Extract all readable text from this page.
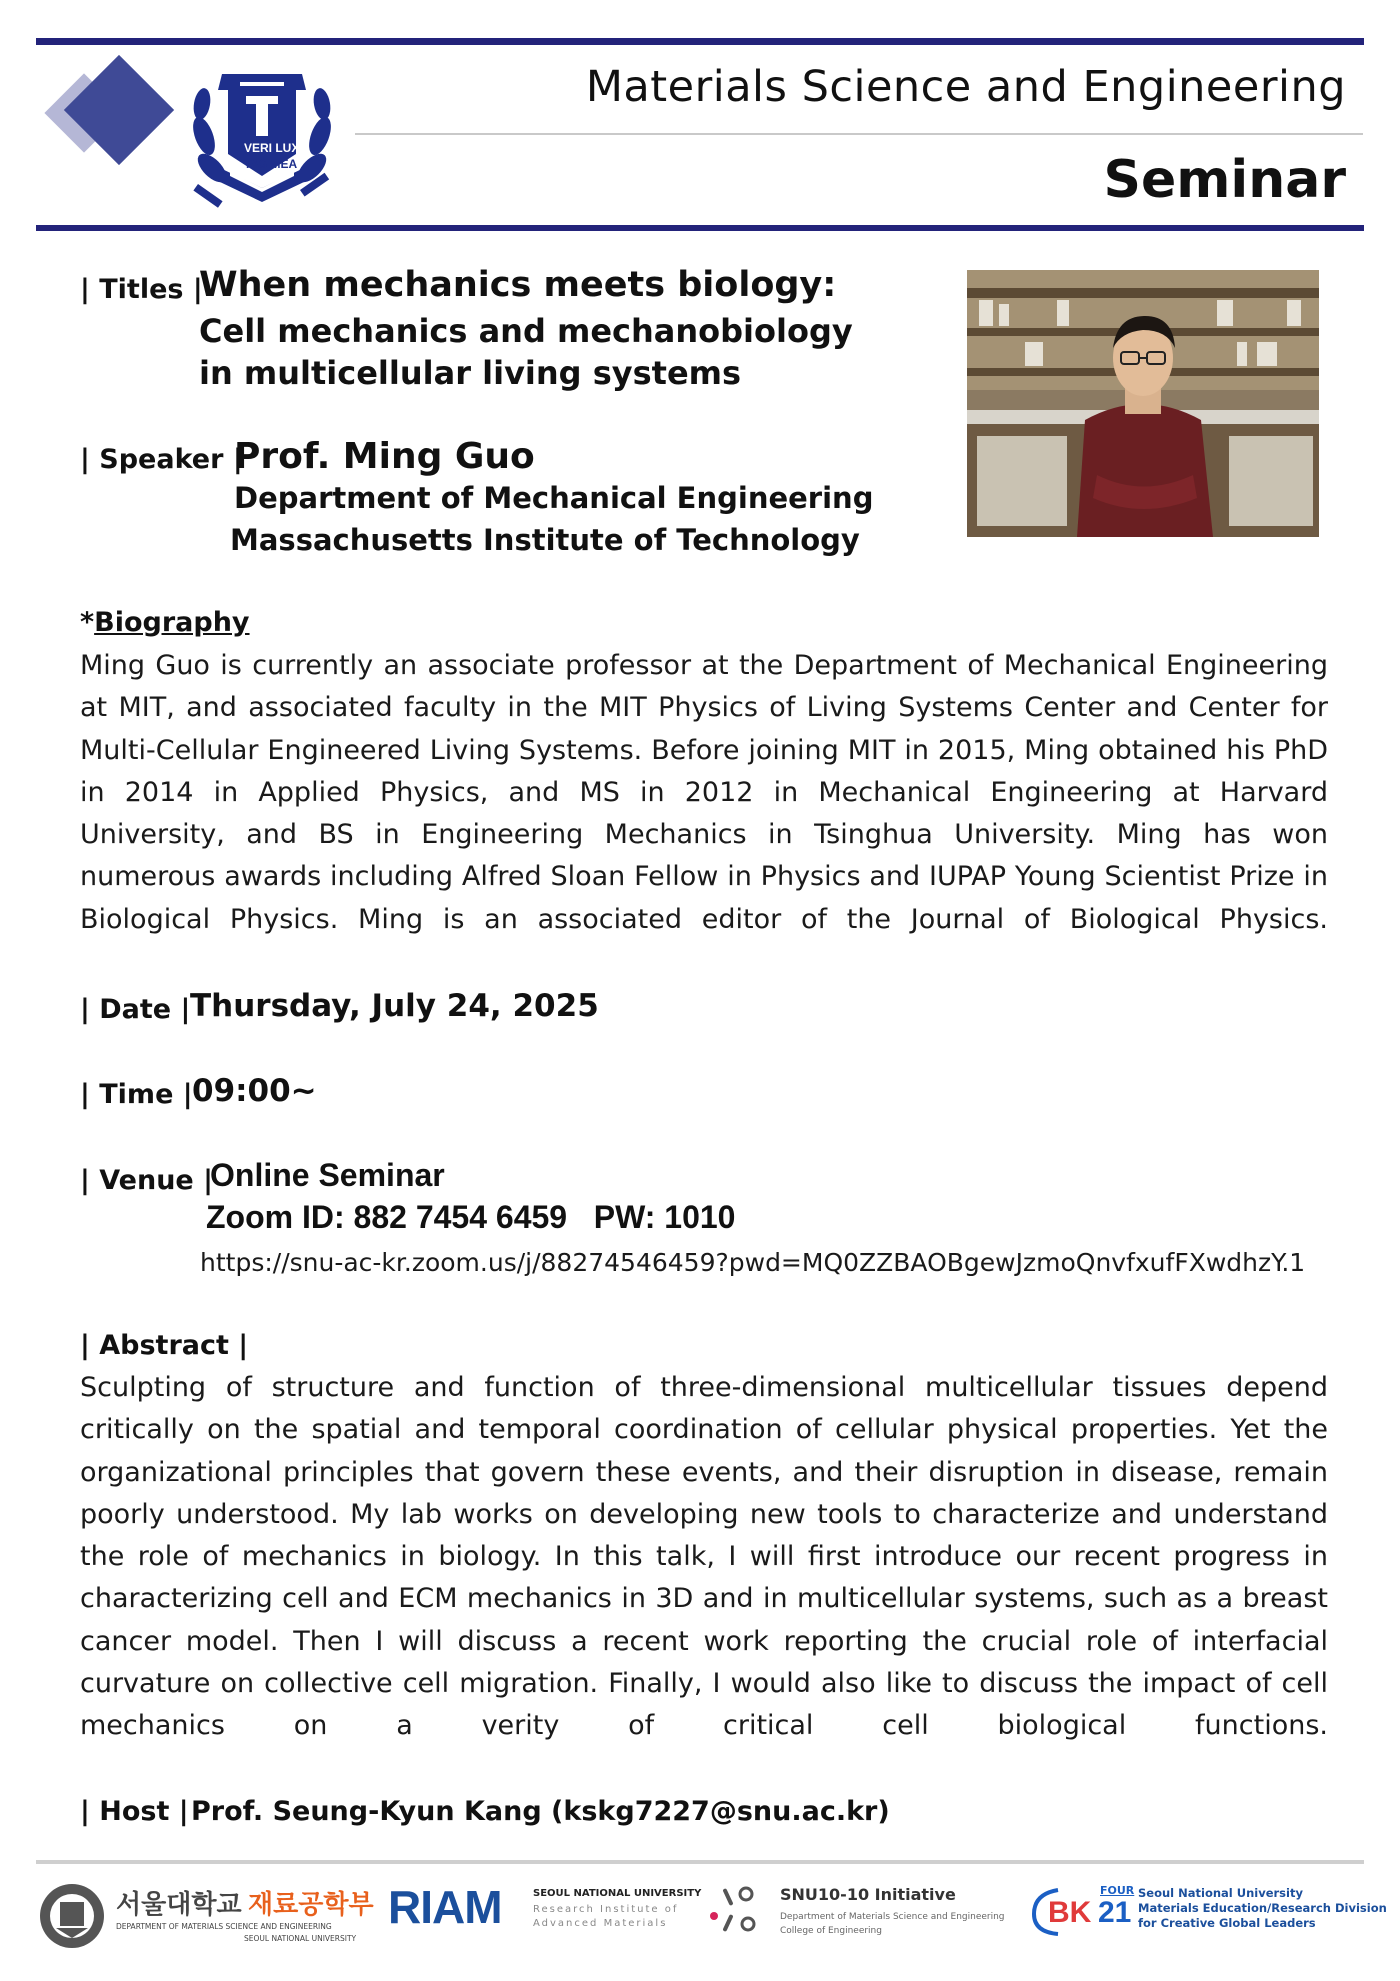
VERI LUX
TAS MEA
Materials Science and Engineering
Seminar
| Titles |
When mechanics meets biology:
Cell mechanics and mechanobiology
in multicellular living systems
| Speaker |
Prof. Ming Guo
Department of Mechanical Engineering
Massachusetts Institute of Technology
*Biography
Ming Guo is currently an associate professor at the Department of Mechanical Engineering at MIT, and associated faculty in the MIT Physics of Living Systems Center and Center for Multi-Cellular Engineered Living Systems. Before joining MIT in 2015, Ming obtained his PhD in 2014 in Applied Physics, and MS in 2012 in Mechanical Engineering at Harvard University, and BS in Engineering Mechanics in Tsinghua University. Ming has won numerous awards including Alfred Sloan Fellow in Physics and IUPAP Young Scientist Prize in Biological Physics. Ming is an associated editor of the Journal of Biological Physics.
| Date | Thursday, July 24, 2025
| Time | 09:00~
| Venue |
Online Seminar
Zoom ID: 882 7454 6459   PW: 1010
https://snu-ac-kr.zoom.us/j/88274546459?pwd=MQ0ZZBAOBgewJzmoQnvfxufFXwdhzY.1
| Abstract |
Sculpting of structure and function of three-dimensional multicellular tissues depend critically on the spatial and temporal coordination of cellular physical properties. Yet the organizational principles that govern these events, and their disruption in disease, remain poorly understood. My lab works on developing new tools to characterize and understand the role of mechanics in biology. In this talk, I will first introduce our recent progress in characterizing cell and ECM mechanics in 3D and in multicellular systems, such as a breast cancer model. Then I will discuss a recent work reporting the crucial role of interfacial curvature on collective cell migration. Finally, I would also like to discuss the impact of cell mechanics on a verity of critical cell biological functions.
| Host | Prof. Seung-Kyun Kang (kskg7227@snu.ac.kr)
서울대학교 재료공학부
DEPARTMENT OF MATERIALS SCIENCE AND ENGINEERING
SEOUL NATIONAL UNIVERSITY
RIAM	SEOUL NATIONAL UNIVERSITY
Research Institute of
Advanced Materials
SNU10-10 Initiative
Department of Materials Science and Engineering
College of Engineering
FOUR
BK 21
Seoul National University
Materials Education/Research Division
for Creative Global Leaders
